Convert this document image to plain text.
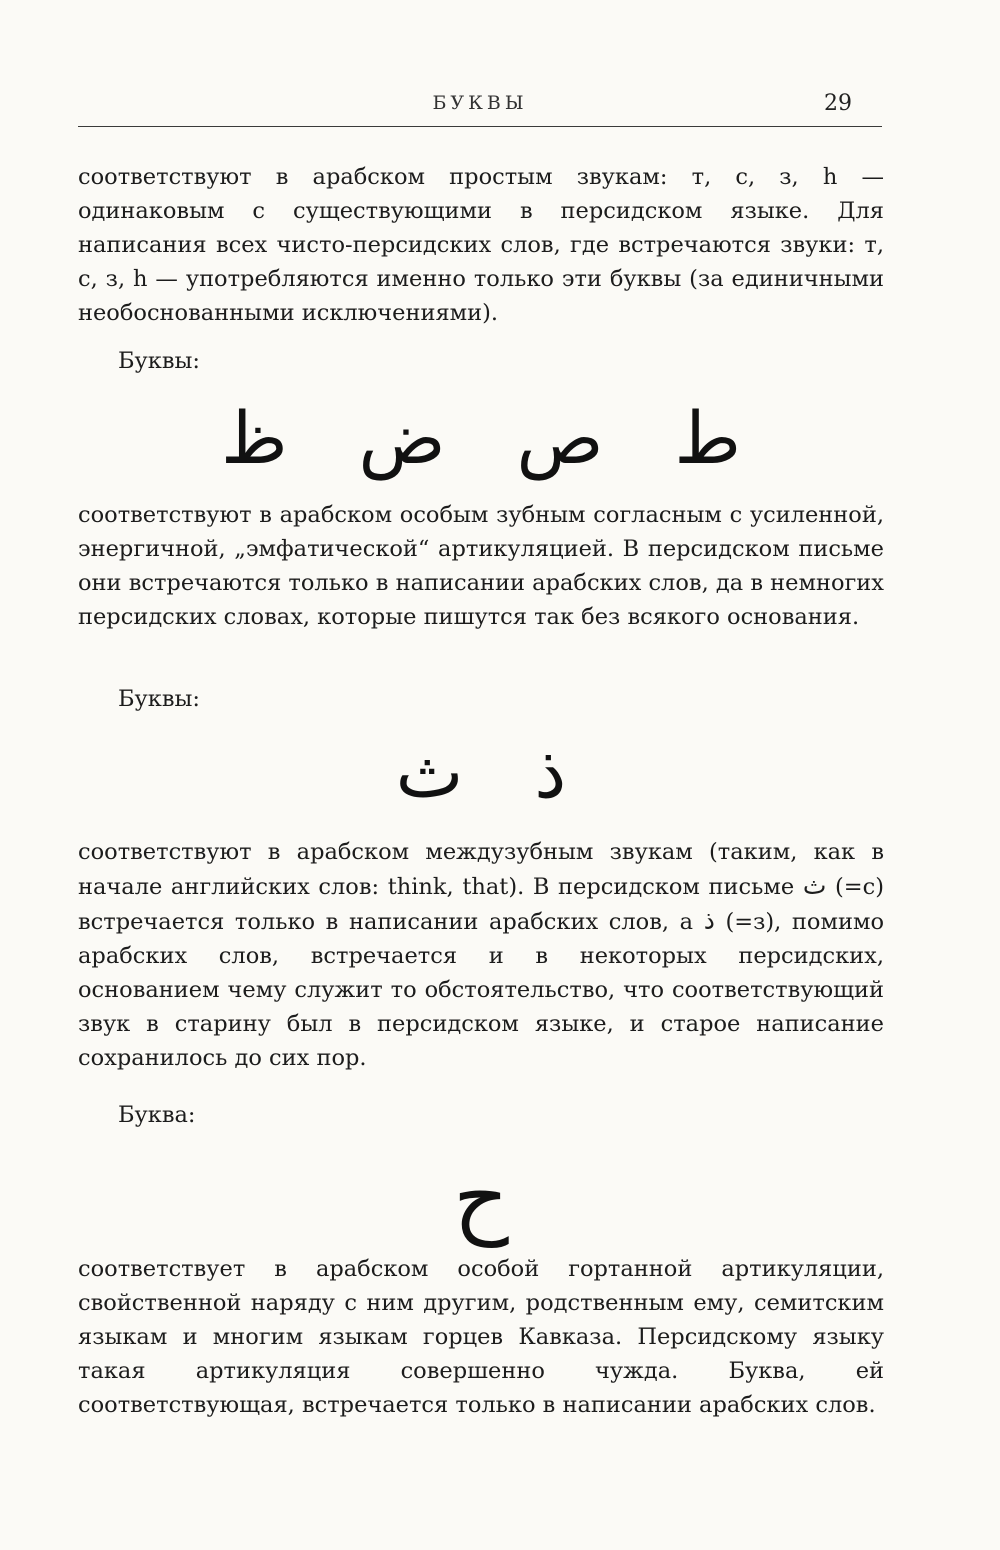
БУКВЫ	29

соответствуют в арабском простым звукам: т, с, з, h — одинаковым с существующими в персидском языке. Для написания всех чисто-персидских слов, где встречаются звуки: т, с, з, h — употребляются именно только эти буквы (за единичными необоснованными исключениями).

Буквы:

ط ص ض ظ

соответствуют в арабском особым зубным согласным с усиленной, энергичной, „эмфатической“ артикуляцией. В персидском письме они встречаются только в написании арабских слов, да в немногих персидских словах, которые пишутся так без всякого основания.

Буквы:

ذ ث

соответствуют в арабском междузубным звукам (таким, как в начале английских слов: think, that). В персидском письме ث (=с) встречается только в написании арабских слов, а ذ (=з), помимо арабских слов, встречается и в некоторых персидских, основанием чему служит то обстоятельство, что соответствующий звук в старину был в персидском языке, и старое написание сохранилось до сих пор.

Буква:

ح

соответствует в арабском особой гортанной артикуляции, свойственной наряду с ним другим, родственным ему, семитским языкам и многим языкам горцев Кавказа. Персидскому языку такая артикуляция совершенно чужда. Буква, ей соответствующая, встречается только в написании арабских слов.
